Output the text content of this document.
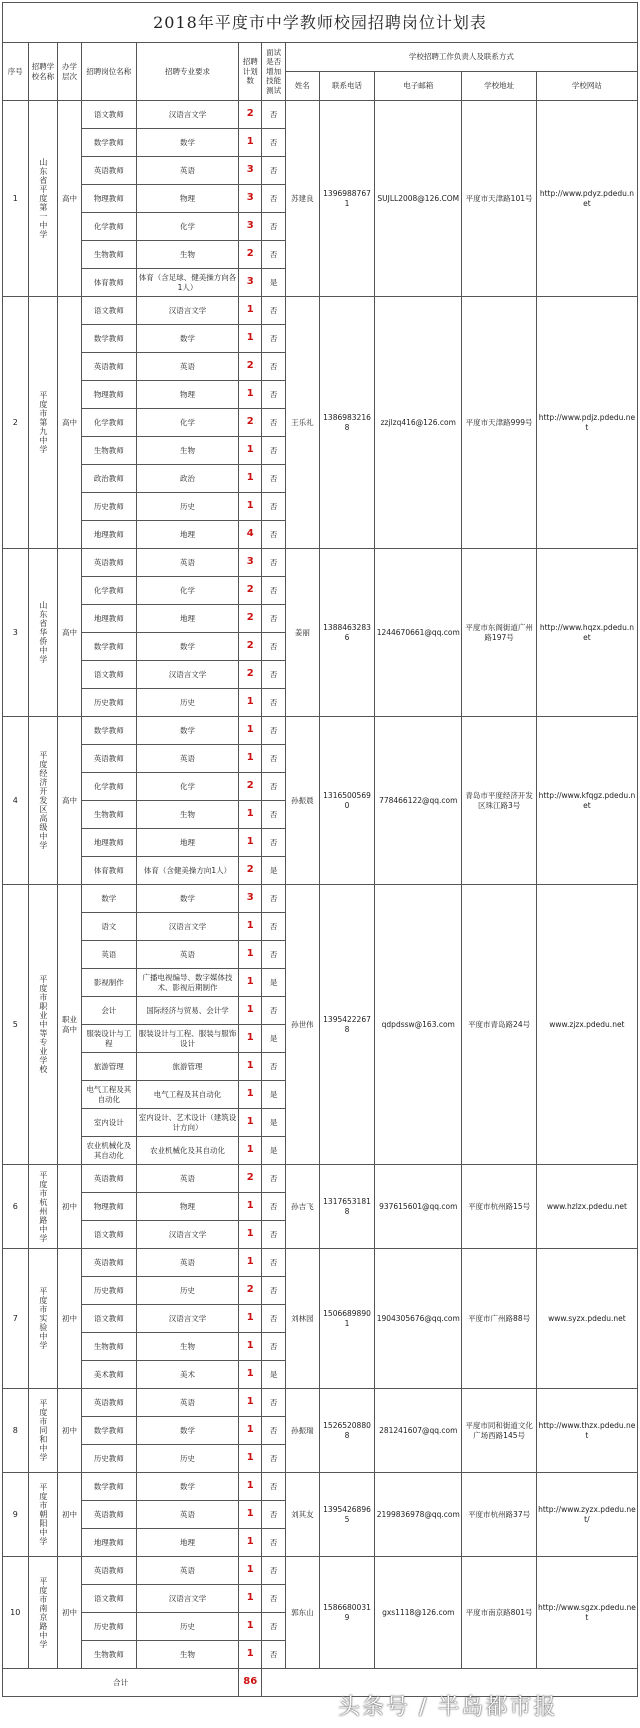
2018年平度市中学教师校园招聘岗位计划表
序号	招聘学校名称	办学层次	招聘岗位名称	招聘专业要求	招聘计划数	面试是否增加技能测试	学校招聘工作负责人及联系方式				
							姓名	联系电话	电子邮箱	学校地址	学校网站
1	山东省平度第一中学	高中	语文教师	汉语言文学	2	否	苏建良	13969887671	SUJLL2008@126.COM	平度市天津路101号	http://www.pdyz.pdedu.net
			数学教师	数学	1	否					
			英语教师	英语	3	否					
			物理教师	物理	3	否					
			化学教师	化学	3	否					
			生物教师	生物	2	否					
			体育教师	体育（含足球、健美操方向各1人）	3	是					
2	平度市第九中学	高中	语文教师	汉语言文学	1	否	王乐礼	13869832168	zzjlzq416@126.com	平度市天津路999号	http://www.pdjz.pdedu.net
			数学教师	数学	1	否					
			英语教师	英语	2	否					
			物理教师	物理	1	否					
			化学教师	化学	2	否					
			生物教师	生物	1	否					
			政治教师	政治	1	否					
			历史教师	历史	1	否					
			地理教师	地理	4	否					
3	山东省华侨中学	高中	英语教师	英语	3	否	姜丽	13884632836	1244670661@qq.com	平度市东阁街道广州路197号	http://www.hqzx.pdedu.net
			化学教师	化学	2	否					
			地理教师	地理	2	否					
			数学教师	数学	2	否					
			语文教师	汉语言文学	2	否					
			历史教师	历史	1	否					
4	平度经济开发区高级中学	高中	数学教师	数学	1	否	孙振晨	13165005690	778466122@qq.com	青岛市平度经济开发区珠江路3号	http://www.kfqgz.pdedu.net
			英语教师	英语	1	否					
			化学教师	化学	2	否					
			生物教师	生物	1	否					
			地理教师	地理	1	否					
			体育教师	体育（含健美操方向1人）	2	是					
5	平度市职业中等专业学校	职业高中	数学	数学	3	否	孙世伟	13954222678	qdpdssw@163.com	平度市青岛路24号	www.zjzx.pdedu.net
			语文	汉语言文学	1	否					
			英语	英语	1	否					
			影视制作	广播电视编导、数字媒体技术、影视后期制作	1	是					
			会计	国际经济与贸易、会计学	1	否					
			服装设计与工程	服装设计与工程、服装与服饰设计	1	是					
			旅游管理	旅游管理	1	否					
			电气工程及其自动化	电气工程及其自动化	1	是					
			室内设计	室内设计、艺术设计（建筑设计方向）	1	是					
			农业机械化及其自动化	农业机械化及其自动化	1	是					
6	平度市杭州路中学	初中	英语教师	英语	2	否	孙吉飞	13176531818	937615601@qq.com	平度市杭州路15号	www.hzlzx.pdedu.net
			物理教师	物理	1	否					
			语文教师	汉语言文学	1	否					
7	平度市实验中学	初中	英语教师	英语	1	否	刘林园	15066898901	1904305676@qq.com	平度市广州路88号	www.syzx.pdedu.net
			历史教师	历史	2	否					
			语文教师	汉语言文学	1	否					
			生物教师	生物	1	否					
			美术教师	美术	1	是					
8	平度市同和中学	初中	英语教师	英语	1	否	孙振瑞	15265208808	281241607@qq.com	平度市同和街道文化广场西路145号	http://www.thzx.pdedu.net
			数学教师	数学	1	否					
			历史教师	历史	1	否					
9	平度市朝阳中学	初中	数学教师	数学	1	否	刘其友	13954268965	2199836978@qq.com	平度市杭州路37号	http://www.zyzx.pdedu.net/
			英语教师	英语	1	否					
			地理教师	地理	1	否					
10	平度市南京路中学	初中	英语教师	英语	1	否	郭东山	15866800319	gxs1118@126.com	平度市南京路801号	http://www.sgzx.pdedu.net
			语文教师	汉语言文学	1	否					
			历史教师	历史	1	否					
			生物教师	生物	1	否					
合计					86						
头条号 / 半岛都市报
